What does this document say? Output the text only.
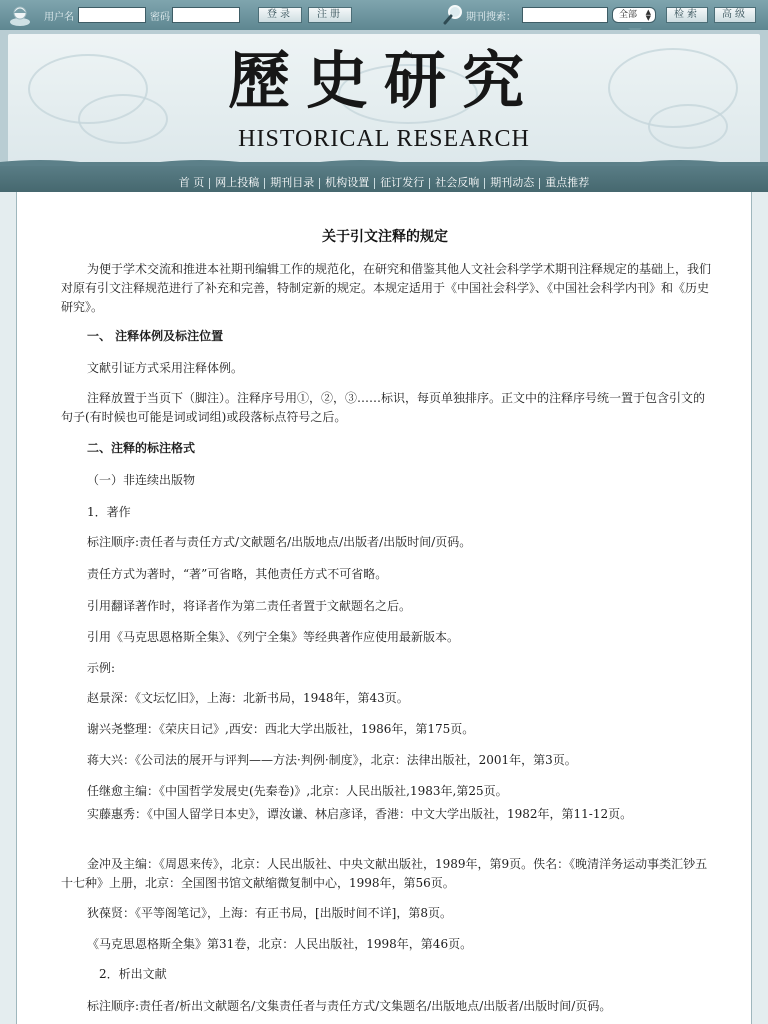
用户名	密码	登录	注册	期刊搜索：	全部 ▲
▼	检索	高级
歷史研究
HISTORICAL RESEARCH
首 页 网上投稿 期刊目录 机构设置 征订发行 社会反响 期刊动态 重点推荐
关于引文注释的规定
为便于学术交流和推进本社期刊编辑工作的规范化，在研究和借鉴其他人文社会科学学术期刊注释规定的基础上，我们对原有引文注释规范进行了补充和完善，特制定新的规定。本规定适用于《中国社会科学》、《中国社会科学内刊》和《历史研究》。
一、 注释体例及标注位置
文献引证方式采用注释体例。
注释放置于当页下（脚注）。注释序号用①，②，③……标识，每页单独排序。正文中的注释序号统一置于包含引文的句子(有时候也可能是词或词组)或段落标点符号之后。
二、注释的标注格式
（一）非连续出版物
1．著作
标注顺序:责任者与责任方式/文献题名/出版地点/出版者/出版时间/页码。
责任方式为著时，“著”可省略，其他责任方式不可省略。
引用翻译著作时，将译者作为第二责任者置于文献题名之后。
引用《马克思恩格斯全集》、《列宁全集》等经典著作应使用最新版本。
示例:
赵景深：《文坛忆旧》，上海：北新书局，1948年，第43页。
谢兴尧整理：《荣庆日记》,西安：西北大学出版社，1986年，第175页。
蒋大兴：《公司法的展开与评判——方法·判例·制度》，北京：法律出版社，2001年，第3页。
任继愈主编：《中国哲学发展史(先秦卷)》,北京：人民出版社,1983年,第25页。
实藤惠秀：《中国人留学日本史》，谭汝谦、林启彦译，香港：中文大学出版社，1982年，第11-12页。
金冲及主编：《周恩来传》，北京：人民出版社、中央文献出版社，1989年，第9页。佚名：《晚清洋务运动事类汇钞五十七种》上册，北京：全国图书馆文献缩微复制中心，1998年，第56页。
狄葆贤：《平等阁笔记》，上海：有正书局，[出版时间不详]，第8页。
《马克思恩格斯全集》第31卷，北京：人民出版社，1998年，第46页。
2．析出文献
标注顺序:责任者/析出文献题名/文集责任者与责任方式/文集题名/出版地点/出版者/出版时间/页码。
